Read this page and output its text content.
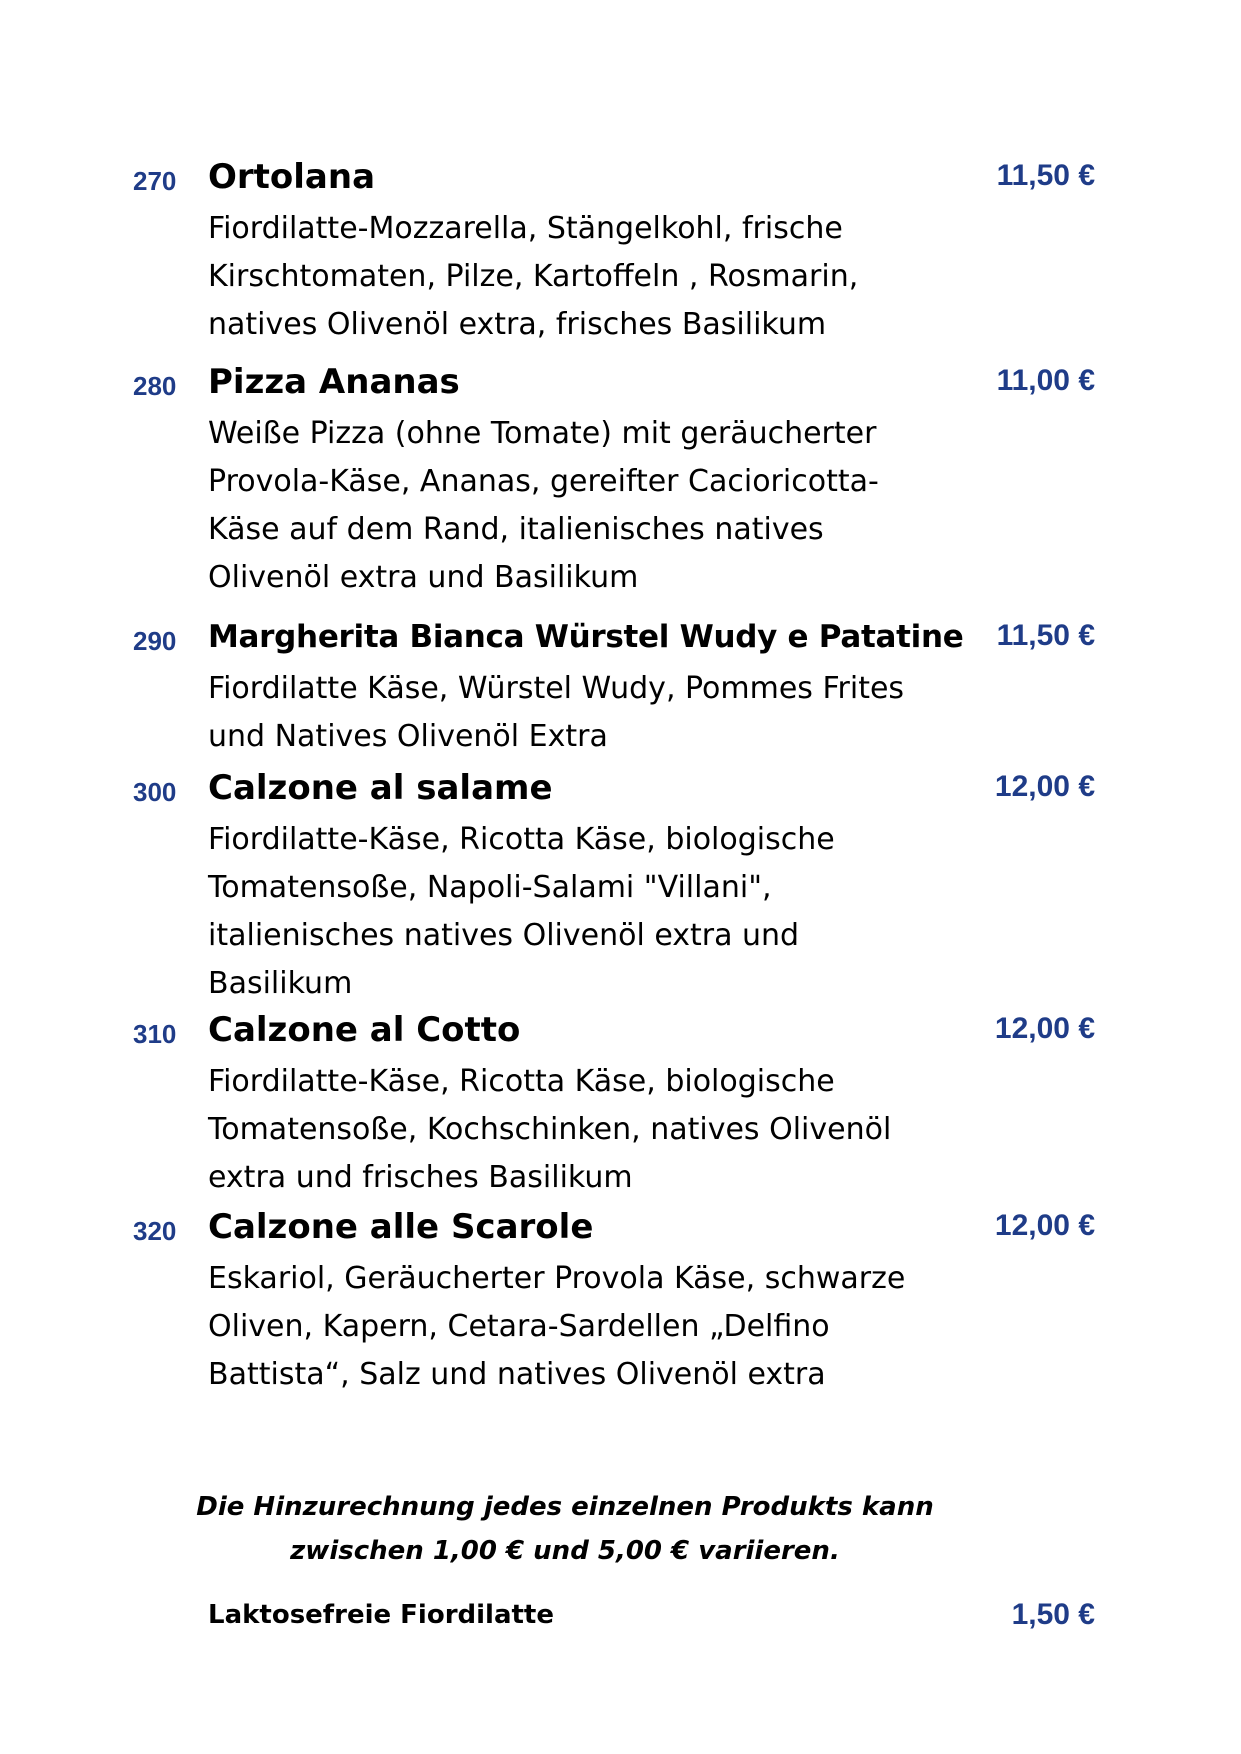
270 Ortolana	11,50 €
Fiordilatte-Mozzarella, Stängelkohl, frische
Kirschtomaten, Pilze, Kartoffeln , Rosmarin,
natives Olivenöl extra, frisches Basilikum
280 Pizza Ananas	11,00 €
Weiße Pizza (ohne Tomate) mit geräucherter
Provola-Käse, Ananas, gereifter Cacioricotta-
Käse auf dem Rand, italienisches natives
Olivenöl extra und Basilikum
290 Margherita Bianca Würstel Wudy e Patatine 11,50 €
Fiordilatte Käse, Würstel Wudy, Pommes Frites
und Natives Olivenöl Extra
300 Calzone al salame	12,00 €
Fiordilatte-Käse, Ricotta Käse, biologische
Tomatensoße, Napoli-Salami "Villani",
italienisches natives Olivenöl extra und
Basilikum
310 Calzone al Cotto	12,00 €
Fiordilatte-Käse, Ricotta Käse, biologische
Tomatensoße, Kochschinken, natives Olivenöl
extra und frisches Basilikum
320 Calzone alle Scarole	12,00 €
Eskariol, Geräucherter Provola Käse, schwarze
Oliven, Kapern, Cetara-Sardellen „Delfino
Battista“, Salz und natives Olivenöl extra
Die Hinzurechnung jedes einzelnen Produkts kann
zwischen 1,00 € und 5,00 € variieren.
Laktosefreie Fiordilatte	1,50 €
